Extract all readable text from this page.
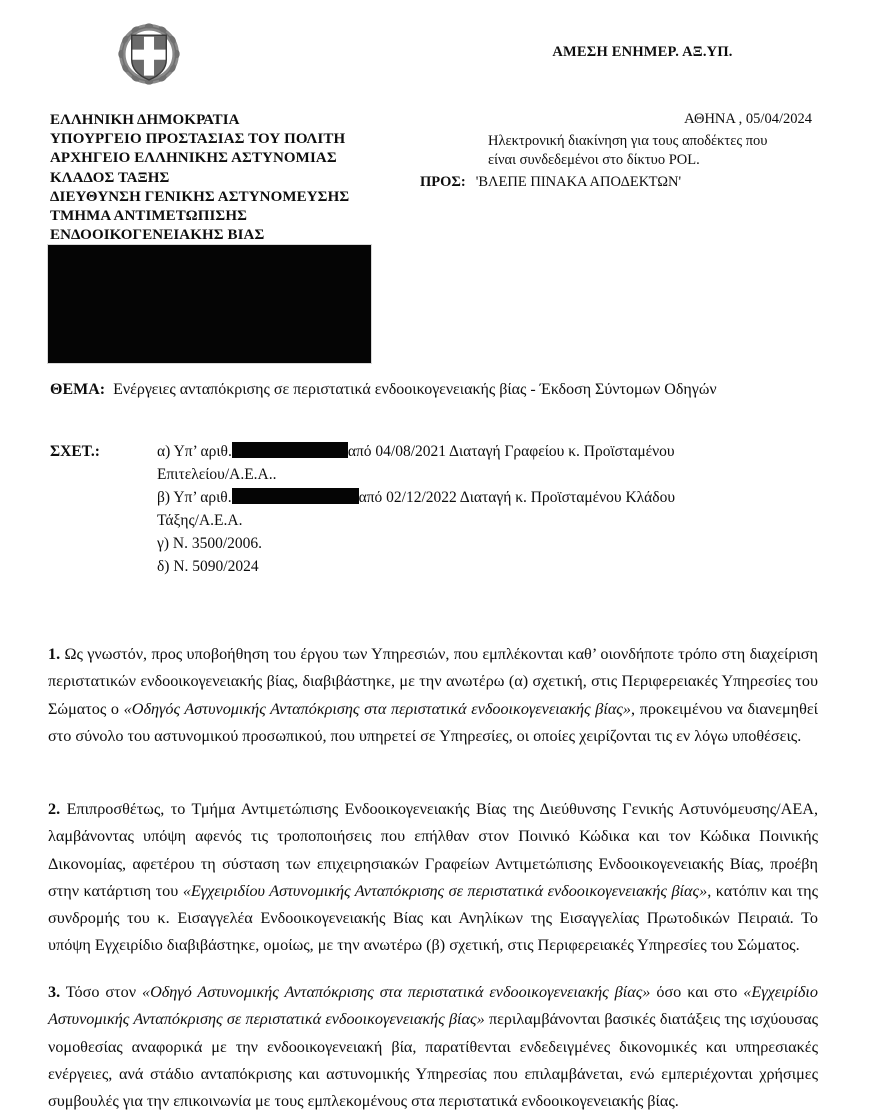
ΑΜΕΣΗ ΕΝΗΜΕΡ. ΑΞ.ΥΠ.
ΕΛΛΗΝΙΚΗ ΔΗΜΟΚΡΑΤΙΑ
ΥΠΟΥΡΓΕΙΟ ΠΡΟΣΤΑΣΙΑΣ ΤΟΥ ΠΟΛΙΤΗ
ΑΡΧΗΓΕΙΟ ΕΛΛΗΝΙΚΗΣ ΑΣΤΥΝΟΜΙΑΣ
ΚΛΑΔΟΣ ΤΑΞΗΣ
ΔΙΕΥΘΥΝΣΗ ΓΕΝΙΚΗΣ ΑΣΤΥΝΟΜΕΥΣΗΣ
ΤΜΗΜΑ ΑΝΤΙΜΕΤΩΠΙΣΗΣ
ΕΝΔΟΟΙΚΟΓΕΝΕΙΑΚΗΣ ΒΙΑΣ
ΑΘΗΝΑ , 05/04/2024
Ηλεκτρονική διακίνηση για τους αποδέκτες που
είναι συνδεδεμένοι στο δίκτυο POL.
ΠΡΟΣ: 'ΒΛΕΠΕ ΠΙΝΑΚΑ ΑΠΟΔΕΚΤΩΝ'
ΘΕΜΑ: Ενέργειες ανταπόκρισης σε περιστατικά ενδοοικογενειακής βίας - Έκδοση Σύντομων Οδηγών
ΣΧΕΤ.:	α) Υπ’ αριθ.	από 04/08/2021 Διαταγή Γραφείου κ. Προϊσταμένου
Επιτελείου/Α.Ε.Α..
β) Υπ’ αριθ.	από 02/12/2022 Διαταγή κ. Προϊσταμένου Κλάδου
Τάξης/Α.Ε.Α.
γ) Ν. 3500/2006.
δ) Ν. 5090/2024

1. Ως γνωστόν, προς υποβοήθηση του έργου των Υπηρεσιών, που εμπλέκονται καθ’ οιονδήποτε τρόπο στη διαχείριση περιστατικών ενδοοικογενειακής βίας, διαβιβάστηκε, με την ανωτέρω (α) σχετική, στις Περιφερειακές Υπηρεσίες του Σώματος ο «Οδηγός Αστυνομικής Ανταπόκρισης στα περιστατικά ενδοοικογενειακής βίας», προκειμένου να διανεμηθεί στο σύνολο του αστυνομικού προσωπικού, που υπηρετεί σε Υπηρεσίες, οι οποίες χειρίζονται τις εν λόγω υποθέσεις.

2. Επιπροσθέτως, το Τμήμα Αντιμετώπισης Ενδοοικογενειακής Βίας της Διεύθυνσης Γενικής Αστυνόμευσης/ΑΕΑ, λαμβάνοντας υπόψη αφενός τις τροποποιήσεις που επήλθαν στον Ποινικό Κώδικα και τον Κώδικα Ποινικής Δικονομίας, αφετέρου τη σύσταση των επιχειρησιακών Γραφείων Αντιμετώπισης Ενδοοικογενειακής Βίας, προέβη στην κατάρτιση του «Εγχειριδίου Αστυνομικής Ανταπόκρισης σε περιστατικά ενδοοικογενειακής βίας», κατόπιν και της συνδρομής του κ. Εισαγγελέα Ενδοοικογενειακής Βίας και Ανηλίκων της Εισαγγελίας Πρωτοδικών Πειραιά. Το υπόψη Εγχειρίδιο διαβιβάστηκε, ομοίως, με την ανωτέρω (β) σχετική, στις Περιφερειακές Υπηρεσίες του Σώματος.

3. Τόσο στον «Οδηγό Αστυνομικής Ανταπόκρισης στα περιστατικά ενδοοικογενειακής βίας» όσο και στο «Εγχειρίδιο Αστυνομικής Ανταπόκρισης σε περιστατικά ενδοοικογενειακής βίας» περιλαμβάνονται βασικές διατάξεις της ισχύουσας νομοθεσίας αναφορικά με την ενδοοικογενειακή βία, παρατίθενται ενδεδειγμένες δικονομικές και υπηρεσιακές ενέργειες, ανά στάδιο ανταπόκρισης και αστυνομικής Υπηρεσίας που επιλαμβάνεται, ενώ εμπεριέχονται χρήσιμες συμβουλές για την επικοινωνία με τους εμπλεκομένους στα περιστατικά ενδοοικογενειακής βίας.
